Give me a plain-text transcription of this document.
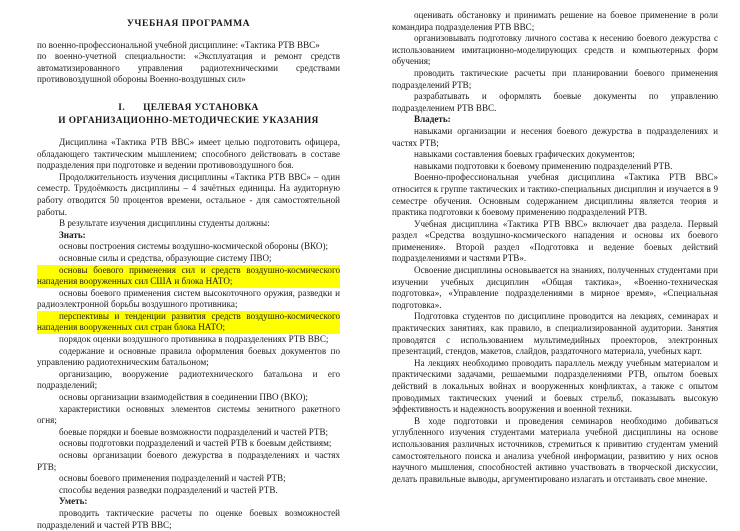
УЧЕБНАЯ ПРОГРАММА

по военно-профессиональной учебной дисциплине: «Тактика РТВ ВВС»

по военно-учетной специальности: «Эксплуатация и ремонт средств автоматизированного управления радиотехническими средствами противовоздушной обороны Военно-воздушных сил»

I. ЦЕЛЕВАЯ УСТАНОВКА
И ОРГАНИЗАЦИОННО-МЕТОДИЧЕСКИЕ УКАЗАНИЯ

Дисциплина «Тактика РТВ ВВС» имеет целью подготовить офицера, обладающего тактическим мышлением; способного действовать в составе подразделения при подготовке и ведении противовоздушного боя.

Продолжительность изучения дисциплины «Тактика РТВ ВВС» – один семестр. Трудоёмкость дисциплины – 4 зачётных единицы. На аудиторную работу отводится 50 процентов времени, остальное - для самостоятельной работы.

В результате изучения дисциплины студенты должны:

Знать:

основы построения системы воздушно-космической обороны (ВКО);

основные силы и средства, образующие систему ПВО;

основы боевого применения сил и средств воздушно-космического нападения вооруженных сил США и блока НАТО;

основы боевого применения систем высокоточного оружия, разведки и радиоэлектронной борьбы воздушного противника;

перспективы и тенденции развития средств воздушно-космического нападения вооруженных сил стран блока НАТО;

порядок оценки воздушного противника в подразделениях РТВ ВВС;

содержание и основные правила оформления боевых документов по управлению радиотехническим батальоном;

организацию, вооружение радиотехнического батальона и его подразделений;

основы организации взаимодействия в соединении ПВО (ВКО);

характеристики основных элементов системы зенитного ракетного огня;

боевые порядки и боевые возможности подразделений и частей РТВ;

основы подготовки подразделений и частей РТВ к боевым действиям;

основы организации боевого дежурства в подразделениях и частях РТВ;

основы боевого применения подразделений и частей РТВ;

способы ведения разведки подразделений и частей РТВ.

Уметь:

проводить тактические расчеты по оценке боевых возможностей подразделений и частей РТВ ВВС;

оценивать обстановку и принимать решение на боевое применение в роли командира подразделения РТВ ВВС;

организовывать подготовку личного состава к несению боевого дежурства с использованием имитационно-моделирующих средств и компьютерных форм обучения;

проводить тактические расчеты при планировании боевого применения подразделений РТВ;

разрабатывать и оформлять боевые документы по управлению подразделением РТВ ВВС.

Владеть:

навыками организации и несения боевого дежурства в подразделениях и частях РТВ;

навыками составления боевых графических документов;

навыками подготовки к боевому применению подразделений РТВ.

Военно-профессиональная учебная дисциплина «Тактика РТВ ВВС» относится к группе тактических и тактико-специальных дисциплин и изучается в 9 семестре обучения. Основным содержанием дисциплины является теория и практика подготовки к боевому применению подразделений РТВ.

Учебная дисциплина «Тактика РТВ ВВС» включает два раздела. Первый раздел «Средства воздушно-космического нападения и основы их боевого применения». Второй раздел «Подготовка и ведение боевых действий подразделениями и частями РТВ».

Освоение дисциплины основывается на знаниях, полученных студентами при изучении учебных дисциплин «Общая тактика», «Военно-техническая подготовка», «Управление подразделениями в мирное время», «Специальная подготовка».

Подготовка студентов по дисциплине проводится на лекциях, семинарах и практических занятиях, как правило, в специализированной аудитории. Занятия проводятся с использованием мультимедийных проекторов, электронных презентаций, стендов, макетов, слайдов, раздаточного материала, учебных карт.

На лекциях необходимо проводить параллель между учебным материалом и практическими задачами, решаемыми подразделениями РТВ, опытом боевых действий в локальных войнах и вооруженных конфликтах, а также с опытом проводимых тактических учений и боевых стрельб, показывать высокую эффективность и надежность вооружения и военной техники.

В ходе подготовки и проведения семинаров необходимо добиваться углубленного изучения студентами материала учебной дисциплины на основе использования различных источников, стремиться к привитию студентам умений самостоятельного поиска и анализа учебной информации, развитию у них основ научного мышления, способностей активно участвовать в творческой дискуссии, делать правильные выводы, аргументировано излагать и отстаивать свое мнение.
